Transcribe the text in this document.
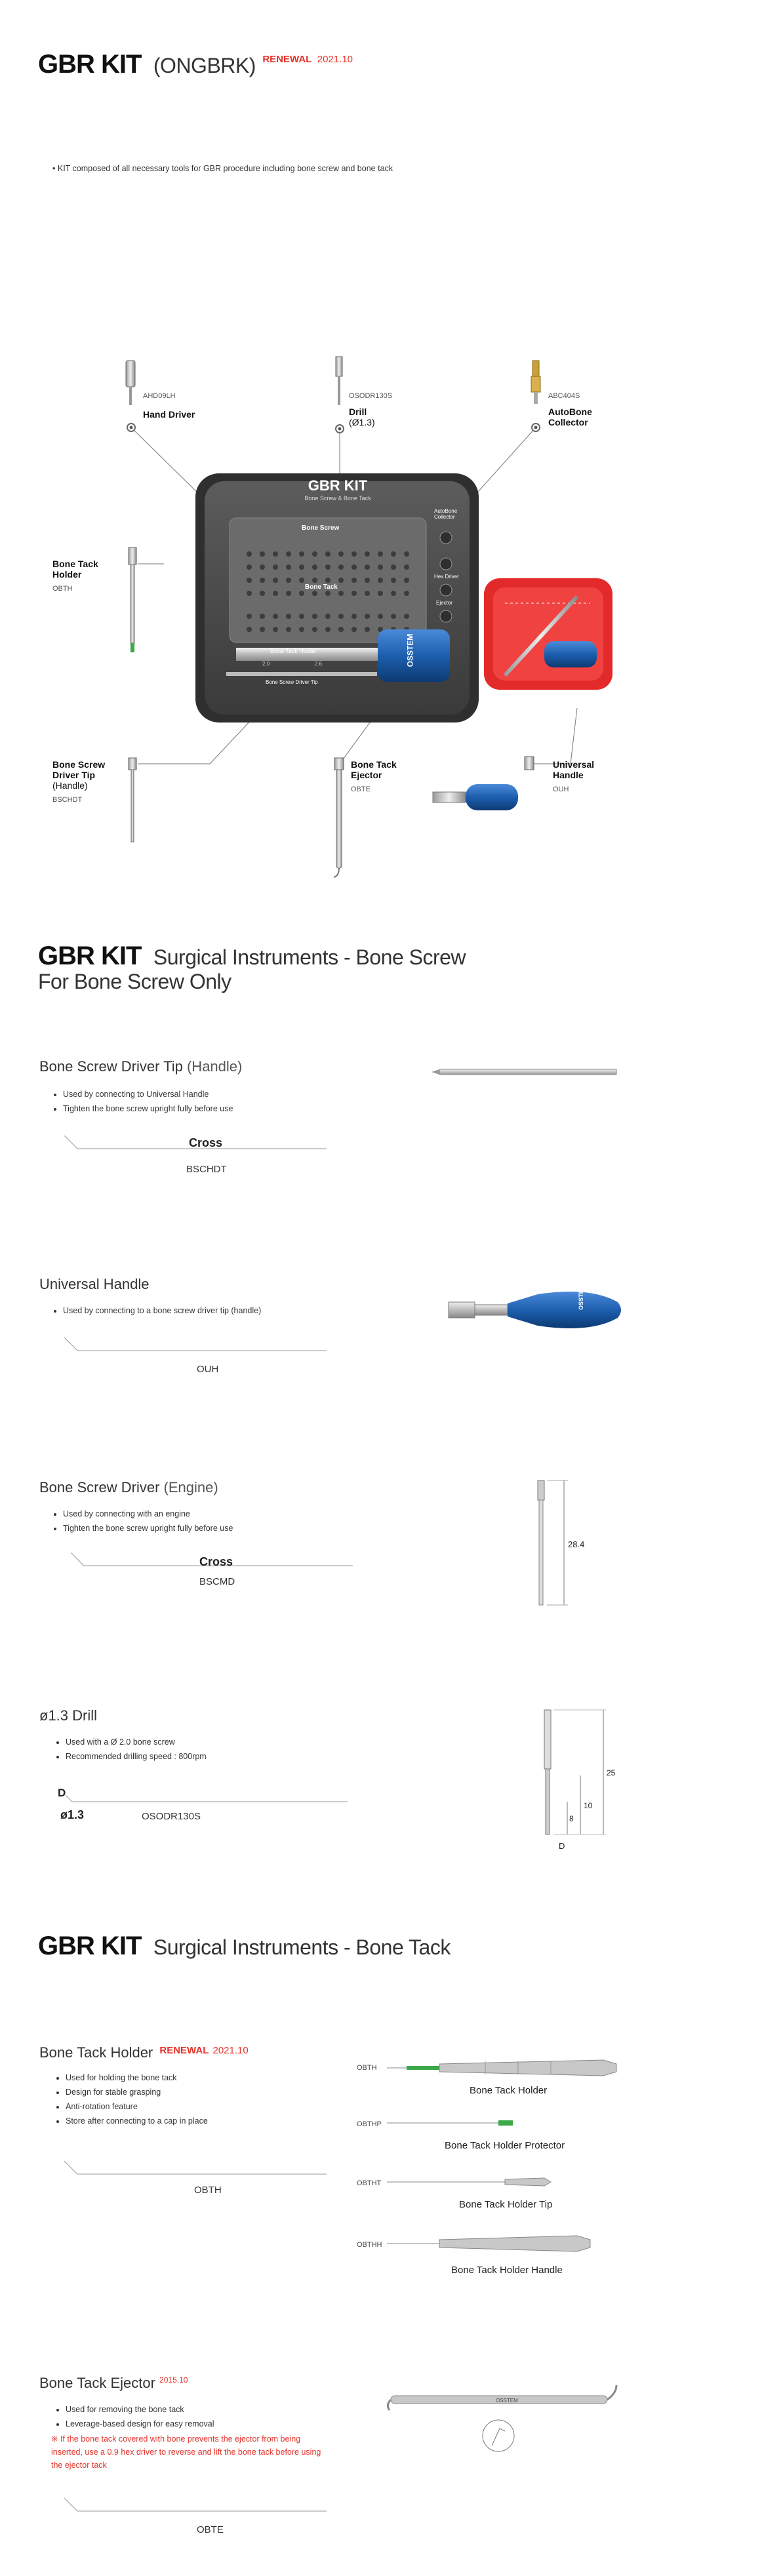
GBR KIT (ONGBRK) RENEWAL 2021.10
• KIT composed of all necessary tools for GBR procedure including bone screw and bone tack
GBR KIT
Bone Screw & Bone Tack
Bone Screw
Bone Tack
Bone Tack Holder
Bone Screw Driver Tip
2.0	2.6
AutoBone Collector
Hex Driver
Ejector
OSSTEM
AHD09LH
Hand Driver
OSODR130S
Drill
(Ø1.3)
ABC404S
AutoBone
Collector
Bone Tack
Holder
OBTH
Bone Screw
Driver Tip
(Handle)
BSCHDT
Bone Tack
Ejector
OBTE
Universal
Handle
OUH
GBR KIT Surgical Instruments - Bone Screw
For Bone Screw Only
Bone Screw Driver Tip (Handle)
• Used by connecting to Universal Handle
• Tighten the bone screw upright fully before use
Cross
BSCHDT
Universal Handle
• Used by connecting to a bone screw driver tip (handle)
OUH
OSSTEM
Bone Screw Driver (Engine)
• Used by connecting with an engine
• Tighten the bone screw upright fully before use
Cross
BSCMD
28.4
ø1.3 Drill
• Used with a Ø 2.0 bone screw
• Recommended drilling speed : 800rpm
D
ø1.3	OSODR130S
25
10
8
D
GBR KIT Surgical Instruments - Bone Tack
Bone Tack Holder $^{RENEWAL}$ $^{2021.10}$
• Used for holding the bone tack
• Design for stable grasping
• Anti-rotation feature
• Store after connecting to a cap in place
OBTH
OBTH
Bone Tack Holder
OBTHP
Bone Tack Holder Protector
OBTHT
Bone Tack Holder Tip
OBTHH
Bone Tack Holder Handle
Bone Tack Ejector $^{2015.10}$
• Used for removing the bone tack
• Leverage-based design for easy removal
※ If the bone tack covered with bone prevents the ejector from being inserted, use a 0.9 hex driver to reverse and lift the bone tack before using the ejector tack
OBTE
OSSTEM
